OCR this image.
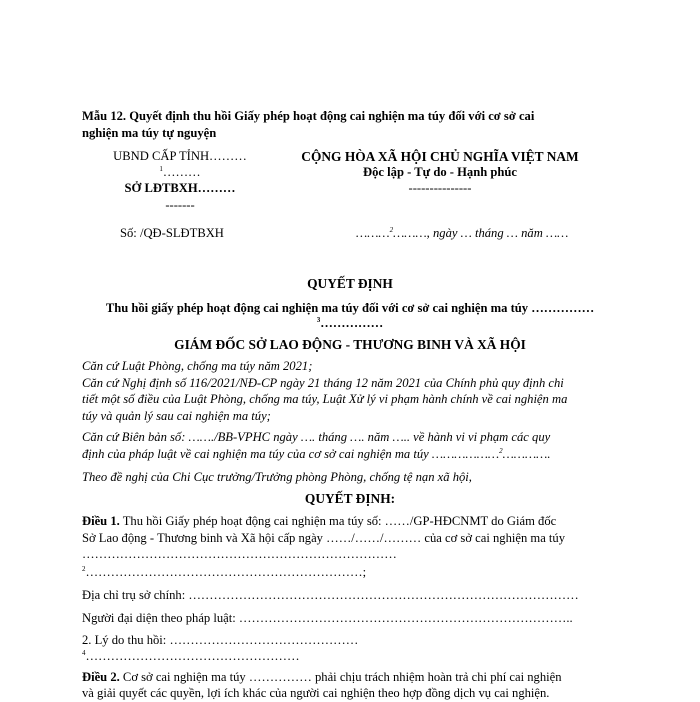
Mẫu 12. Quyết định thu hồi Giấy phép hoạt động cai nghiện ma túy đối với cơ sở cai
nghiện ma túy tự nguyện
UBND CẤP TỈNH………
$^1$………
SỞ LĐTBXH………
-------
Số: /QĐ-SLĐTBXH
CỘNG HÒA XÃ HỘI CHỦ NGHĨA VIỆT NAM
Độc lập - Tự do - Hạnh phúc
---------------
………$^2$………, ngày … tháng … năm ……
QUYẾT ĐỊNH
Thu hồi giấy phép hoạt động cai nghiện ma túy đối với cơ sở cai nghiện ma túy ……………
$^3$……………
GIÁM ĐỐC SỞ LAO ĐỘNG - THƯƠNG BINH VÀ XÃ HỘI
Căn cứ Luật Phòng, chống ma túy năm 2021;
Căn cứ Nghị định số 116/2021/NĐ-CP ngày 21 tháng 12 năm 2021 của Chính phủ quy định chi
tiết một số điều của Luật Phòng, chống ma túy, Luật Xử lý vi phạm hành chính về cai nghiện ma
túy và quản lý sau cai nghiện ma túy;
Căn cứ Biên bản số: ……./BB-VPHC ngày …. tháng …. năm ….. về hành vi vi phạm các quy
định của pháp luật về cai nghiện ma túy của cơ sở cai nghiện ma túy ………………$^2$………….
Theo đề nghị của Chi Cục trưởng/Trưởng phòng Phòng, chống tệ nạn xã hội,
QUYẾT ĐỊNH:
Điều 1. Thu hồi Giấy phép hoạt động cai nghiện ma túy số: ……/GP-HĐCNMT do Giám đốc
Sở Lao động - Thương binh và Xã hội cấp ngày ……/……/……… của cơ sở cai nghiện ma túy
…………………………………………………………………
$^2$…………………………………………………………;
Địa chỉ trụ sở chính: …………………………………………………………………………………
Người đại diện theo pháp luật: ……………………………………………………………………..
2. Lý do thu hồi: ………………………………………
$^4$……………………………………………
Điều 2. Cơ sở cai nghiện ma túy …………… phải chịu trách nhiệm hoàn trả chi phí cai nghiện
và giải quyết các quyền, lợi ích khác của người cai nghiện theo hợp đồng dịch vụ cai nghiện.
